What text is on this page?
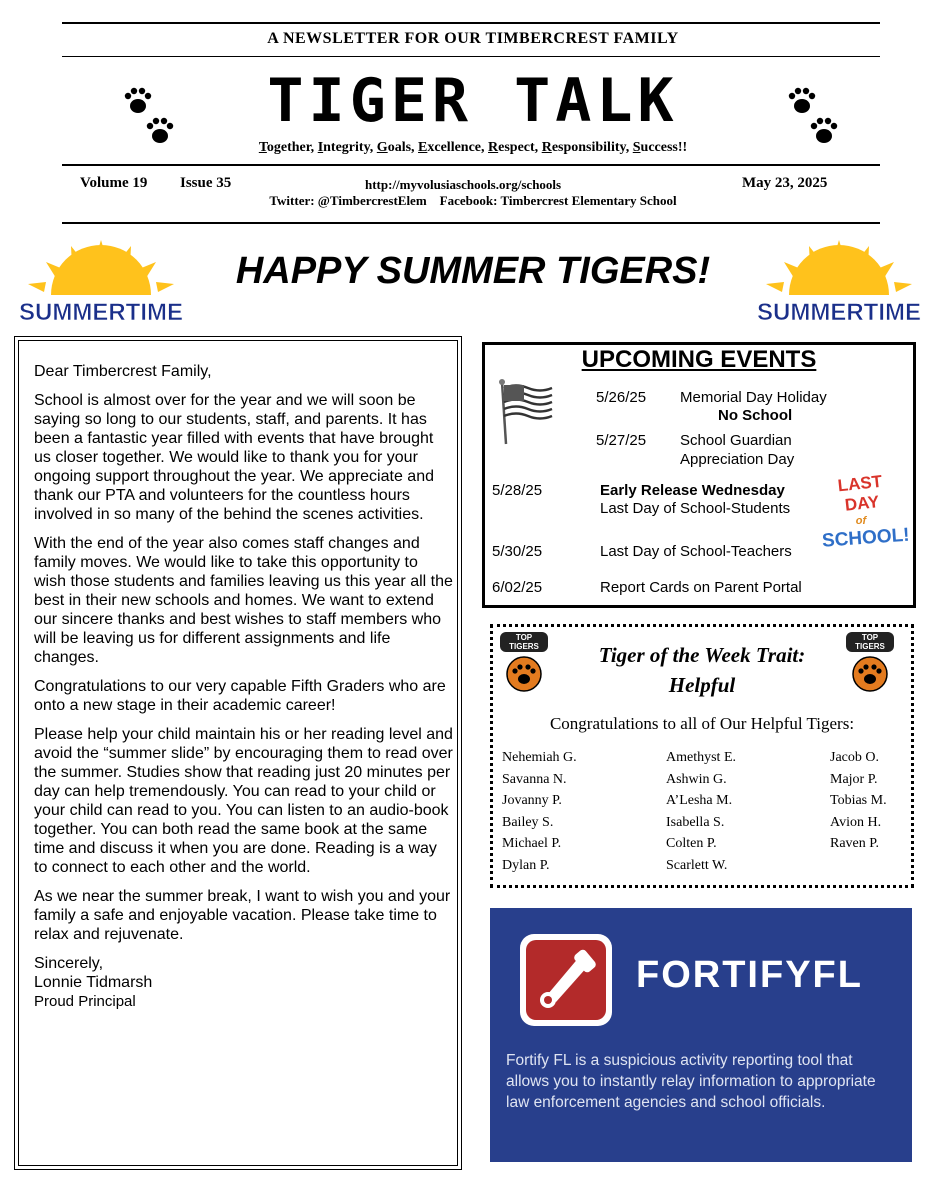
A NEWSLETTER FOR OUR TIMBERCREST FAMILY
TIGER TALK
Together, Integrity, Goals, Excellence, Respect, Responsibility, Success!!
Volume 19 Issue 35	http://myvolusiaschools.org/schools	May 23, 2025
Twitter: @TimbercrestElem    Facebook: Timbercrest Elementary School
SUMMERTIME	SUMMERTIME
HAPPY SUMMER TIGERS!

Dear Timbercrest Family,

School is almost over for the year and we will soon be saying so long to our students, staff, and parents. It has been a fantastic year filled with events that have brought us closer together. We would like to thank you for your ongoing support throughout the year. We appreciate and thank our PTA and volunteers for the countless hours involved in so many of the behind the scenes activities.

With the end of the year also comes staff changes and family moves. We would like to take this opportunity to wish those students and families leaving us this year all the best in their new schools and homes. We want to extend our sincere thanks and best wishes to staff members who will be leaving us for different assignments and life changes.

Congratulations to our very capable Fifth Graders who are onto a new stage in their academic career!

Please help your child maintain his or her reading level and avoid the “summer slide” by encouraging them to read over the summer. Studies show that reading just 20 minutes per day can help tremendously. You can read to your child or your child can read to you. You can listen to an audio-book together. You can both read the same book at the same time and discuss it when you are done. Reading is a way to connect to each other and the world.

As we near the summer break, I want to wish you and your family a safe and enjoyable vacation. Please take time to relax and rejuvenate.

Sincerely,

Lonnie Tidmarsh

Proud Principal

UPCOMING EVENTS
5/26/25 Memorial Day Holiday
No School
5/27/25 School Guardian
Appreciation Day
5/28/25	Early Release Wednesday
Last Day of School-Students
5/30/25	Last Day of School-Teachers
6/02/25	Report Cards on Parent Portal
LAST DAY
of
SCHOOL!
TOP TIGERS
TOP TIGERS
Tiger of the Week Trait:
Helpful
Congratulations to all of Our Helpful Tigers:
Nehemiah G.
Savanna N.
Jovanny P.
Bailey S.
Michael P.
Dylan P.
Amethyst E.
Ashwin G.
A’Lesha M.
Isabella S.
Colten P.
Scarlett W.
Jacob O.
Major P.
Tobias M.
Avion H.
Raven P.
FORTIFYFL
Fortify FL is a suspicious activity reporting tool that allows you to instantly relay information to appropriate law enforcement agencies and school officials.
